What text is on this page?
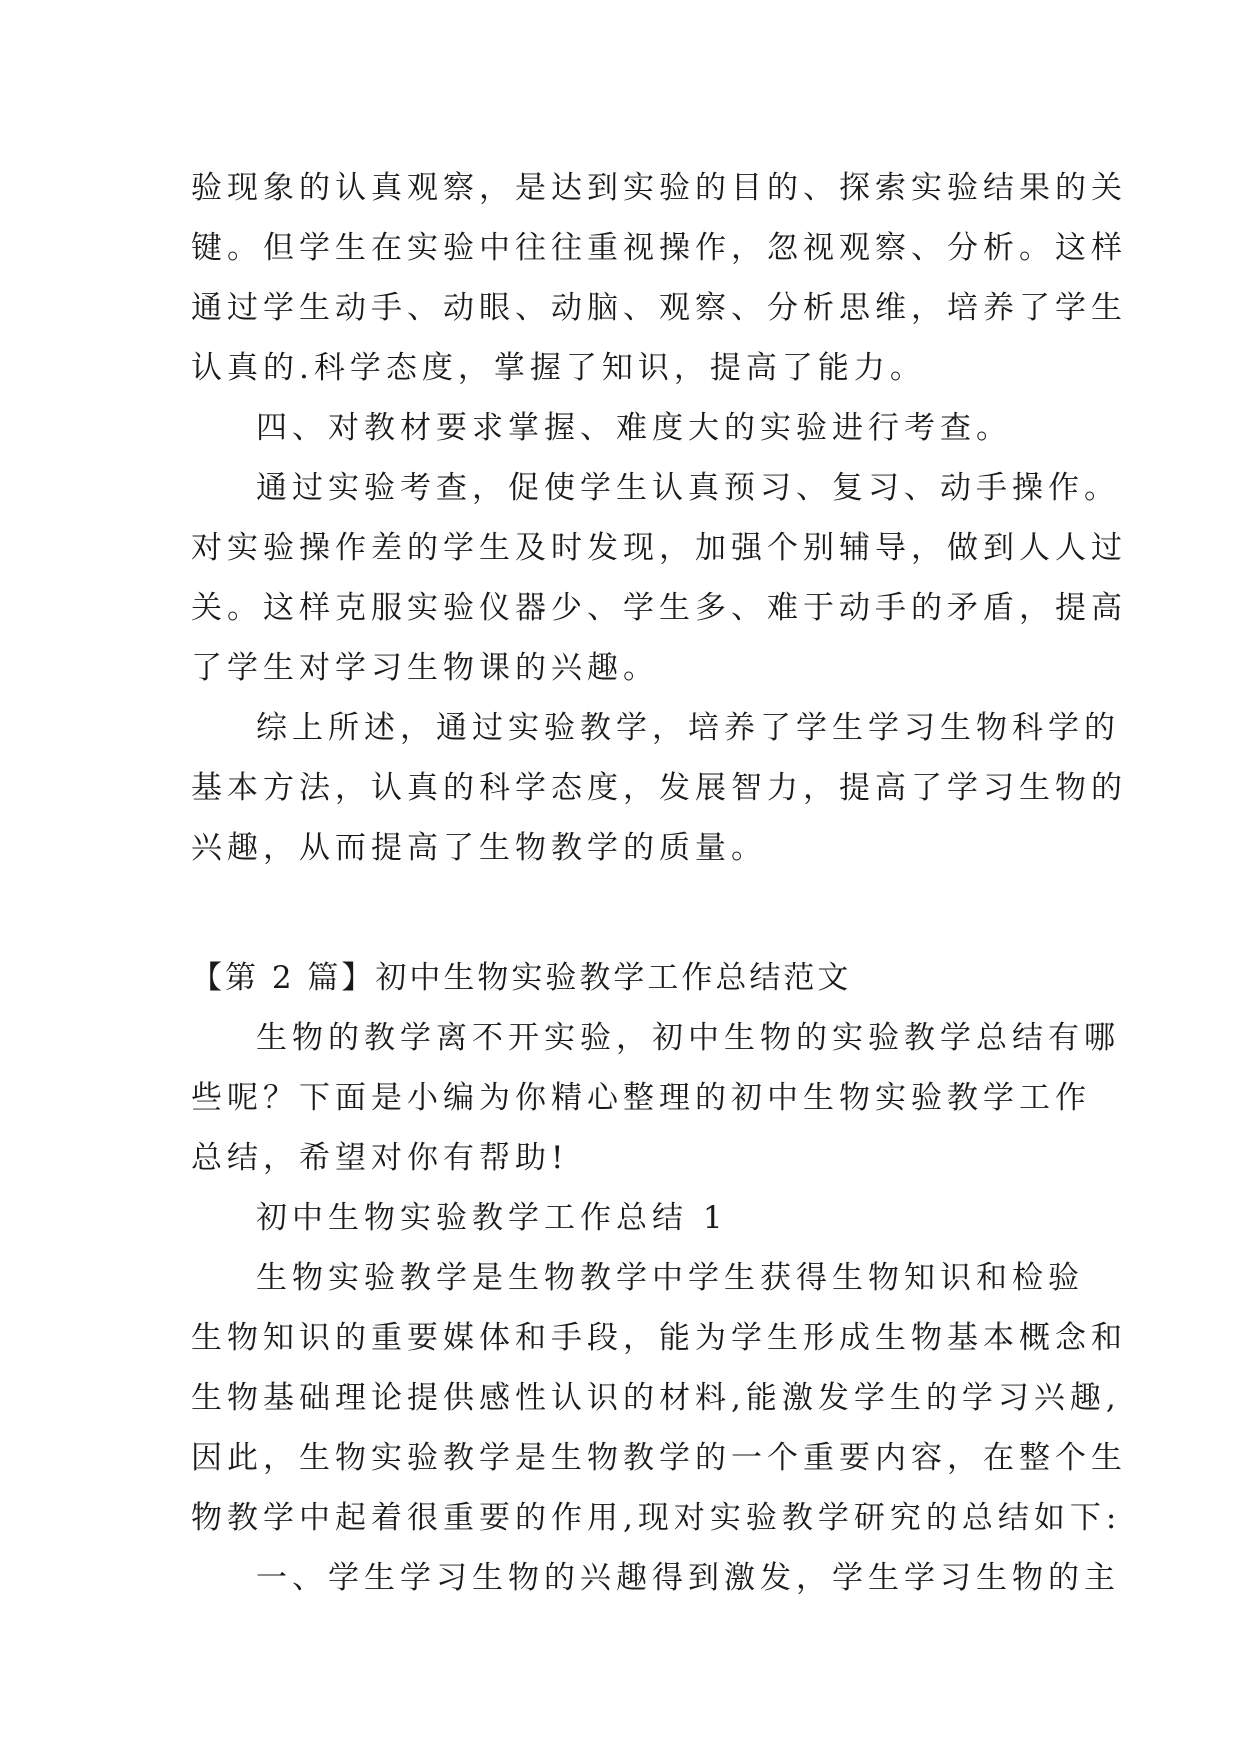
验现象的认真观察，是达到实验的目的、探索实验结果的关
键。但学生在实验中往往重视操作，忽视观察、分析。这样
通过学生动手、动眼、动脑、观察、分析思维，培养了学生
认真的.科学态度，掌握了知识，提高了能力。
四、对教材要求掌握、难度大的实验进行考查。
通过实验考查，促使学生认真预习、复习、动手操作。
对实验操作差的学生及时发现，加强个别辅导，做到人人过
关。这样克服实验仪器少、学生多、难于动手的矛盾，提高
了学生对学习生物课的兴趣。
综上所述，通过实验教学，培养了学生学习生物科学的
基本方法，认真的科学态度，发展智力，提高了学习生物的
兴趣，从而提高了生物教学的质量。
【第 2 篇】初中生物实验教学工作总结范文
生物的教学离不开实验，初中生物的实验教学总结有哪
些呢？下面是小编为你精心整理的初中生物实验教学工作
总结，希望对你有帮助!
初中生物实验教学工作总结 1
生物实验教学是生物教学中学生获得生物知识和检验
生物知识的重要媒体和手段，能为学生形成生物基本概念和
生物基础理论提供感性认识的材料,能激发学生的学习兴趣,
因此，生物实验教学是生物教学的一个重要内容，在整个生
物教学中起着很重要的作用,现对实验教学研究的总结如下:
一、学生学习生物的兴趣得到激发，学生学习生物的主
